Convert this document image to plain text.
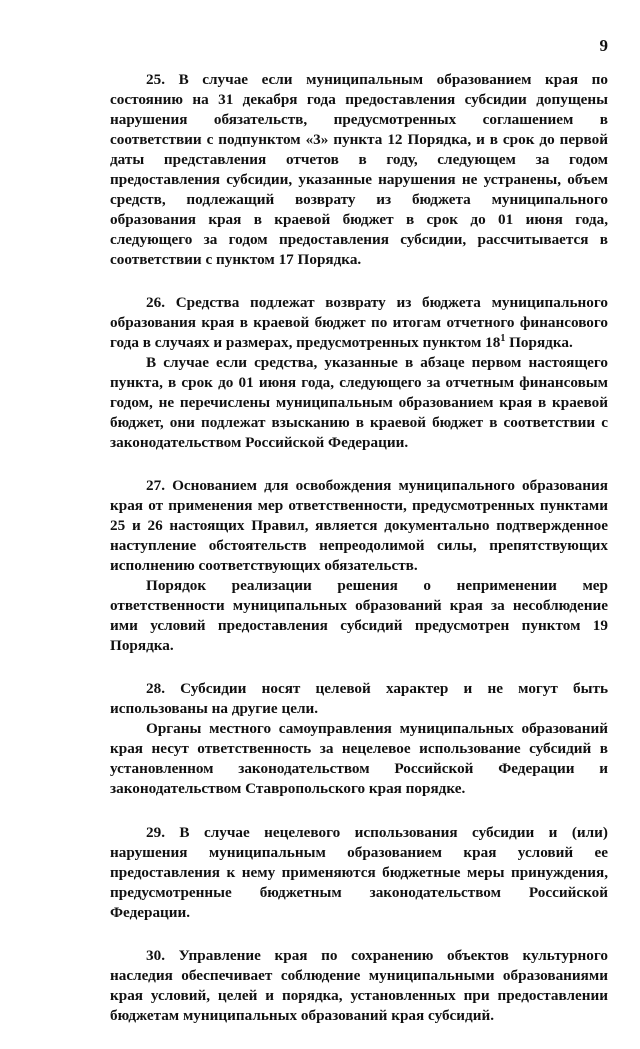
9

25. В случае если муниципальным образованием края по состоянию на 31 декабря года предоставления субсидии допущены нарушения обязательств, предусмотренных соглашением в соответствии с подпунктом «3» пункта 12 Порядка, и в срок до первой даты представления отчетов в году, следующем за годом предоставления субсидии, указанные нарушения не устранены, объем средств, подлежащий возврату из бюджета муниципального образования края в краевой бюджет в срок до 01 июня года, следующего за годом предоставления субсидии, рассчитывается в соответствии с пунктом 17 Порядка.

26. Средства подлежат возврату из бюджета муниципального образования края в краевой бюджет по итогам отчетного финансового года в случаях и размерах, предусмотренных пунктом $18^1$ Порядка.

В случае если средства, указанные в абзаце первом настоящего пункта, в срок до 01 июня года, следующего за отчетным финансовым годом, не перечислены муниципальным образованием края в краевой бюджет, они подлежат взысканию в краевой бюджет в соответствии с законодательством Российской Федерации.

27. Основанием для освобождения муниципального образования края от применения мер ответственности, предусмотренных пунктами 25 и 26 настоящих Правил, является документально подтвержденное наступление обстоятельств непреодолимой силы, препятствующих исполнению соответствующих обязательств.

Порядок реализации решения о неприменении мер ответственности муниципальных образований края за несоблюдение ими условий предоставления субсидий предусмотрен пунктом 19 Порядка.

28. Субсидии носят целевой характер и не могут быть использованы на другие цели.

Органы местного самоуправления муниципальных образований края несут ответственность за нецелевое использование субсидий в установленном законодательством Российской Федерации и законодательством Ставропольского края порядке.

29. В случае нецелевого использования субсидии и (или) нарушения муниципальным образованием края условий ее предоставления к нему применяются бюджетные меры принуждения, предусмотренные бюджетным законодательством Российской Федерации.

30. Управление края по сохранению объектов культурного наследия обеспечивает соблюдение муниципальными образованиями края условий, целей и порядка, установленных при предоставлении бюджетам муниципальных образований края субсидий.
